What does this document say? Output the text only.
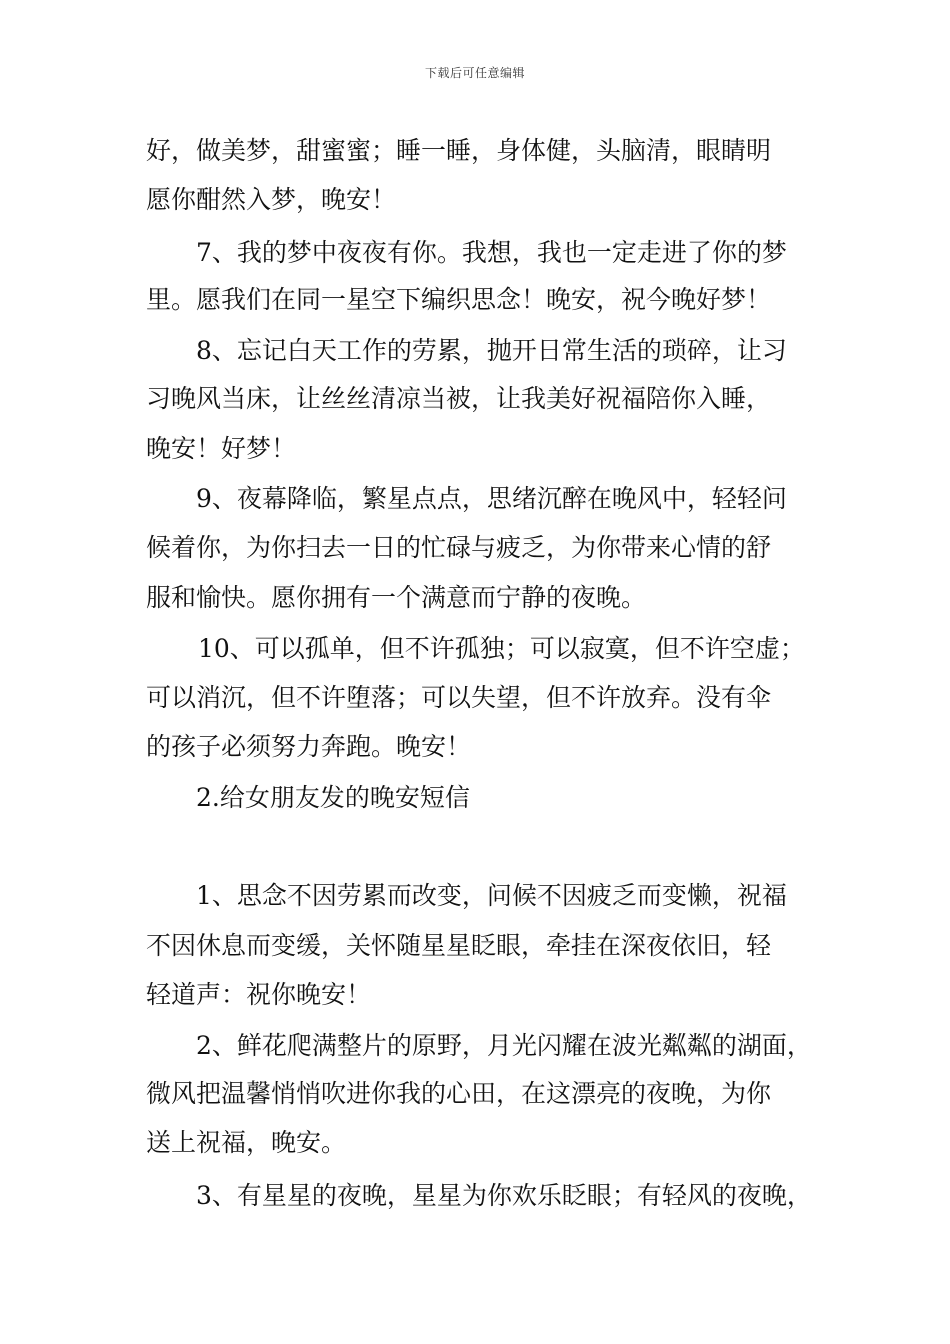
下载后可任意编辑
好，做美梦，甜蜜蜜；睡一睡，身体健，头脑清，眼睛明
愿你酣然入梦，晚安！
7、我的梦中夜夜有你。我想，我也一定走进了你的梦
里。愿我们在同一星空下编织思念！晚安，祝今晚好梦！
8、忘记白天工作的劳累，抛开日常生活的琐碎，让习
习晚风当床，让丝丝清凉当被，让我美好祝福陪你入睡，
晚安！好梦！
9、夜幕降临，繁星点点，思绪沉醉在晚风中，轻轻问
候着你，为你扫去一日的忙碌与疲乏，为你带来心情的舒
服和愉快。愿你拥有一个满意而宁静的夜晚。
10、可以孤单，但不许孤独；可以寂寞，但不许空虚；
可以消沉，但不许堕落；可以失望，但不许放弃。没有伞
的孩子必须努力奔跑。晚安！
2.给女朋友发的晚安短信
1、思念不因劳累而改变，问候不因疲乏而变懒，祝福
不因休息而变缓，关怀随星星眨眼，牵挂在深夜依旧，轻
轻道声：祝你晚安！
2、鲜花爬满整片的原野，月光闪耀在波光粼粼的湖面，
微风把温馨悄悄吹进你我的心田，在这漂亮的夜晚，为你
送上祝福，晚安。
3、有星星的夜晚，星星为你欢乐眨眼；有轻风的夜晚，
